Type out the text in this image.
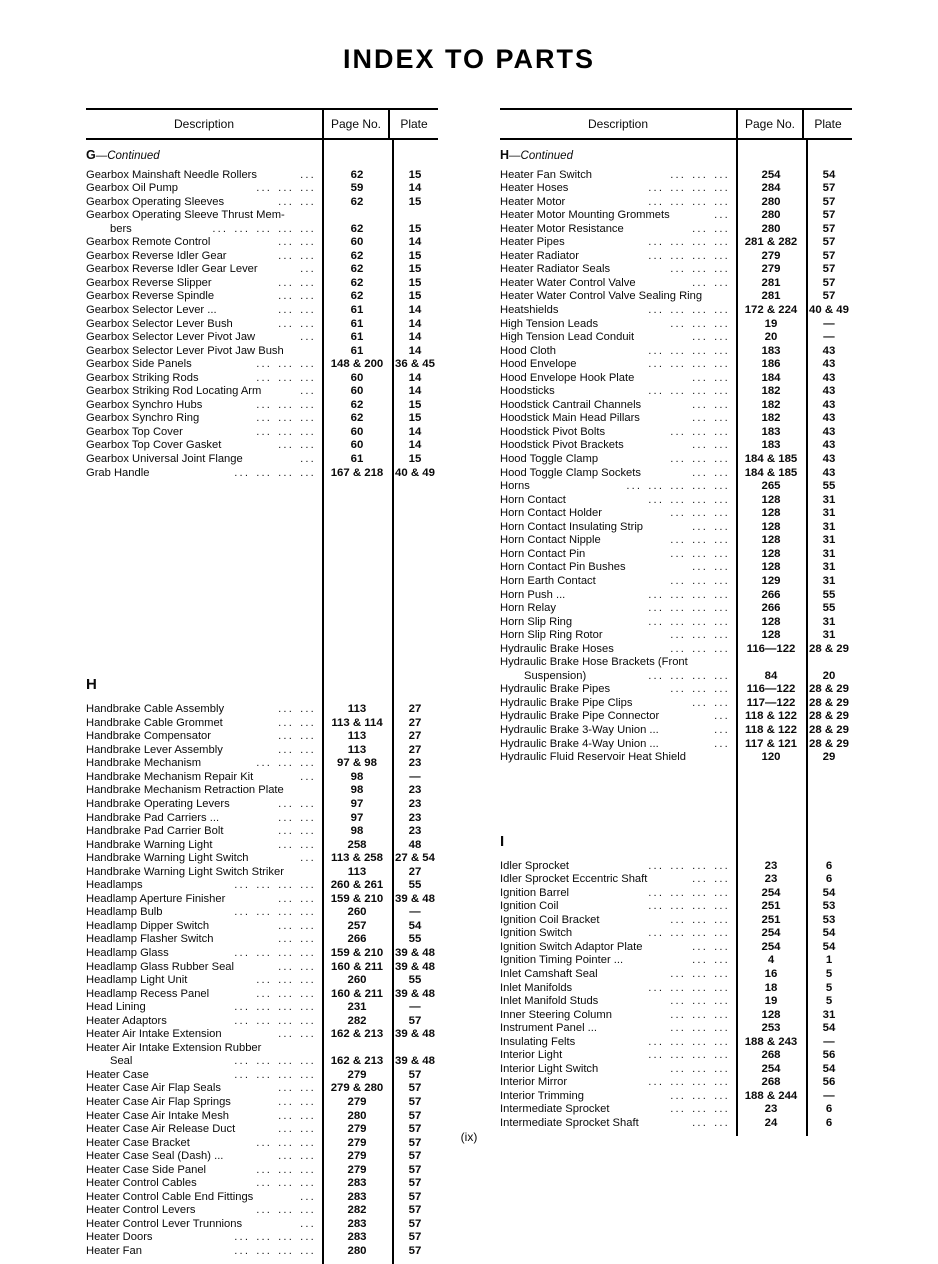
INDEX TO PARTS
Description	Page No.	Plate
G —Continued
Gearbox Mainshaft Needle Rollers	...	62	15
Gearbox Oil Pump	... ... ...	59	14
Gearbox Operating Sleeves	... ...	62	15
Gearbox Operating Sleeve Thrust Mem-
bers	... ... ... ... ...	62	15
Gearbox Remote Control	... ...	60	14
Gearbox Reverse Idler Gear	... ...	62	15
Gearbox Reverse Idler Gear Lever	...	62	15
Gearbox Reverse Slipper	... ...	62	15
Gearbox Reverse Spindle	... ...	62	15
Gearbox Selector Lever ...	... ...	61	14
Gearbox Selector Lever Bush	... ...	61	14
Gearbox Selector Lever Pivot Jaw	...	61	14
Gearbox Selector Lever Pivot Jaw Bush	61	14
Gearbox Side Panels	... ... ...	148 & 200	36 & 45
Gearbox Striking Rods	... ... ...	60	14
Gearbox Striking Rod Locating Arm	...	60	14
Gearbox Synchro Hubs	... ... ...	62	15
Gearbox Synchro Ring	... ... ...	62	15
Gearbox Top Cover	... ... ...	60	14
Gearbox Top Cover Gasket	... ...	60	14
Gearbox Universal Joint Flange	...	61	15
Grab Handle	... ... ... ...	167 & 218	40 & 49
H
Handbrake Cable Assembly	... ...	113	27
Handbrake Cable Grommet	... ...	113 & 114	27
Handbrake Compensator	... ...	113	27
Handbrake Lever Assembly	... ...	113	27
Handbrake Mechanism	... ... ...	97 & 98	23
Handbrake Mechanism Repair Kit	...	98	—
Handbrake Mechanism Retraction Plate	98	23
Handbrake Operating Levers	... ...	97	23
Handbrake Pad Carriers ...	... ...	97	23
Handbrake Pad Carrier Bolt	... ...	98	23
Handbrake Warning Light	... ...	258	48
Handbrake Warning Light Switch	...	113 & 258	27 & 54
Handbrake Warning Light Switch Striker	113	27
Headlamps	... ... ... ...	260 & 261	55
Headlamp Aperture Finisher	... ...	159 & 210	39 & 48
Headlamp Bulb	... ... ... ...	260	—
Headlamp Dipper Switch	... ...	257	54
Headlamp Flasher Switch	... ...	266	55
Headlamp Glass	... ... ... ...	159 & 210	39 & 48
Headlamp Glass Rubber Seal	... ...	160 & 211	39 & 48
Headlamp Light Unit	... ... ...	260	55
Headlamp Recess Panel	... ... ...	160 & 211	39 & 48
Head Lining	... ... ... ...	231	—
Heater Adaptors	... ... ... ...	282	57
Heater Air Intake Extension	... ...	162 & 213	39 & 48
Heater Air Intake Extension Rubber
Seal	... ... ... ...	162 & 213	39 & 48
Heater Case	... ... ... ...	279	57
Heater Case Air Flap Seals	... ...	279 & 280	57
Heater Case Air Flap Springs	... ...	279	57
Heater Case Air Intake Mesh	... ...	280	57
Heater Case Air Release Duct	... ...	279	57
Heater Case Bracket	... ... ...	279	57
Heater Case Seal (Dash) ...	... ...	279	57
Heater Case Side Panel	... ... ...	279	57
Heater Control Cables	... ... ...	283	57
Heater Control Cable End Fittings	...	283	57
Heater Control Levers	... ... ...	282	57
Heater Control Lever Trunnions	...	283	57
Heater Doors	... ... ... ...	283	57
Heater Fan	... ... ... ...	280	57
Description	Page No.	Plate
H —Continued
Heater Fan Switch	... ... ...	254	54
Heater Hoses	... ... ... ...	284	57
Heater Motor	... ... ... ...	280	57
Heater Motor Mounting Grommets	...	280	57
Heater Motor Resistance	... ...	280	57
Heater Pipes	... ... ... ...	281 & 282	57
Heater Radiator	... ... ... ...	279	57
Heater Radiator Seals	... ... ...	279	57
Heater Water Control Valve	... ...	281	57
Heater Water Control Valve Sealing Ring	281	57
Heatshields	... ... ... ...	172 & 224	40 & 49
High Tension Leads	... ... ...	19	—
High Tension Lead Conduit	... ...	20	—
Hood Cloth	... ... ... ...	183	43
Hood Envelope	... ... ... ...	186	43
Hood Envelope Hook Plate	... ...	184	43
Hoodsticks	... ... ... ...	182	43
Hoodstick Cantrail Channels	... ...	182	43
Hoodstick Main Head Pillars	... ...	182	43
Hoodstick Pivot Bolts	... ... ...	183	43
Hoodstick Pivot Brackets	... ...	183	43
Hood Toggle Clamp	... ... ...	184 & 185	43
Hood Toggle Clamp Sockets	... ...	184 & 185	43
Horns	... ... ... ... ...	265	55
Horn Contact	... ... ... ...	128	31
Horn Contact Holder	... ... ...	128	31
Horn Contact Insulating Strip	... ...	128	31
Horn Contact Nipple	... ... ...	128	31
Horn Contact Pin	... ... ...	128	31
Horn Contact Pin Bushes	... ...	128	31
Horn Earth Contact	... ... ...	129	31
Horn Push ...	... ... ... ...	266	55
Horn Relay	... ... ... ...	266	55
Horn Slip Ring	... ... ... ...	128	31
Horn Slip Ring Rotor	... ... ...	128	31
Hydraulic Brake Hoses	... ... ...	116—122	28 & 29
Hydraulic Brake Hose Brackets (Front
Suspension)	... ... ... ...	84	20
Hydraulic Brake Pipes	... ... ...	116—122	28 & 29
Hydraulic Brake Pipe Clips	... ...	117—122	28 & 29
Hydraulic Brake Pipe Connector	...	118 & 122	28 & 29
Hydraulic Brake 3-Way Union ...	...	118 & 122	28 & 29
Hydraulic Brake 4-Way Union ...	...	117 & 121	28 & 29
Hydraulic Fluid Reservoir Heat Shield	120	29
I
Idler Sprocket	... ... ... ...	23	6
Idler Sprocket Eccentric Shaft	... ...	23	6
Ignition Barrel	... ... ... ...	254	54
Ignition Coil	... ... ... ...	251	53
Ignition Coil Bracket	... ... ...	251	53
Ignition Switch	... ... ... ...	254	54
Ignition Switch Adaptor Plate	... ...	254	54
Ignition Timing Pointer ...	... ...	4	1
Inlet Camshaft Seal	... ... ...	16	5
Inlet Manifolds	... ... ... ...	18	5
Inlet Manifold Studs	... ... ...	19	5
Inner Steering Column	... ... ...	128	31
Instrument Panel ...	... ... ...	253	54
Insulating Felts	... ... ... ...	188 & 243	—
Interior Light	... ... ... ...	268	56
Interior Light Switch	... ... ...	254	54
Interior Mirror	... ... ... ...	268	56
Interior Trimming	... ... ...	188 & 244	—
Intermediate Sprocket	... ... ...	23	6
Intermediate Sprocket Shaft	... ...	24	6
(ix)
